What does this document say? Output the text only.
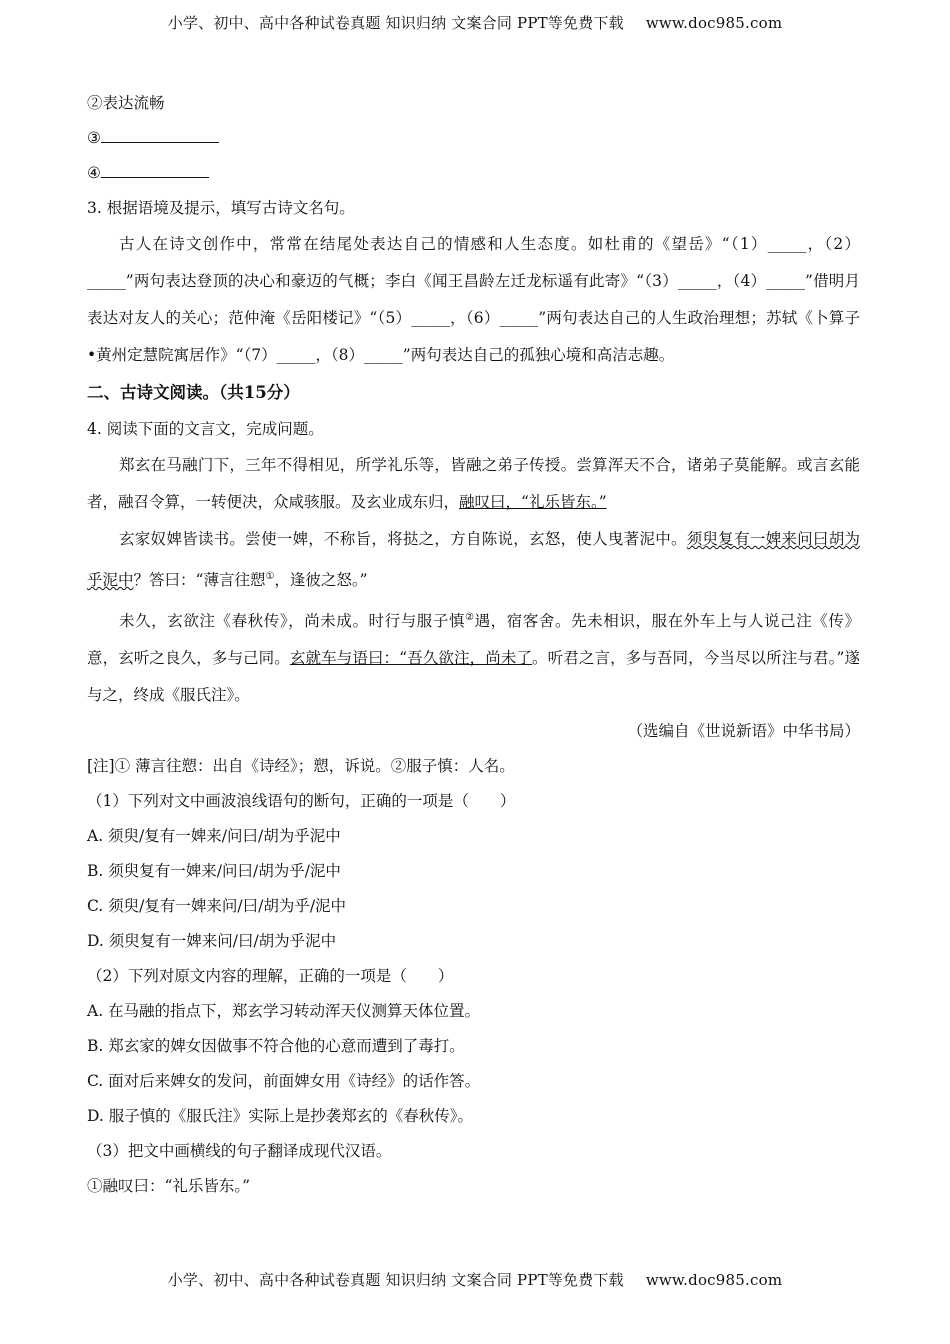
小学、初中、高中各种试卷真题 知识归纳 文案合同 PPT等免费下载 www.doc985.com
②表达流畅
③
④
3. 根据语境及提示，填写古诗文名句。

古人在诗文创作中，常常在结尾处表达自己的情感和人生态度。如杜甫的《望岳》“（1）_____，（2）_____”两句表达登顶的决心和豪迈的气概；李白《闻王昌龄左迁龙标遥有此寄》“（3）_____，（4）_____”借明月表达对友人的关心；范仲淹《岳阳楼记》“（5）_____，（6）_____”两句表达自己的人生政治理想；苏轼《卜算子•黄州定慧院寓居作》“（7）_____，（8）_____”两句表达自己的孤独心境和高洁志趣。

二、古诗文阅读。（共15分）
4. 阅读下面的文言文，完成问题。

郑玄在马融门下，三年不得相见，所学礼乐等，皆融之弟子传授。尝算浑天不合，诸弟子莫能解。或言玄能者，融召令算，一转便决，众咸骇服。及玄业成东归，融叹曰，“礼乐皆东。”

玄家奴婢皆读书。尝使一婢，不称旨，将挞之，方自陈说，玄怒，使人曳著泥中。须臾复有一婢来问曰胡为乎泥中？答曰：“薄言往愬①，逢彼之怒。”

未久，玄欲注《春秋传》，尚未成。时行与服子慎②遇，宿客舍。先未相识，服在外车上与人说己注《传》意，玄听之良久，多与己同。玄就车与语曰：“吾久欲注，尚未了。听君之言，多与吾同，今当尽以所注与君。”遂与之，终成《服氏注》。

（选编自《世说新语》中华书局）
[注]① 薄言往愬：出自《诗经》；愬，诉说。②服子慎：人名。
（1）下列对文中画波浪线语句的断句，正确的一项是（　　）
A. 须臾/复有一婢来/问曰/胡为乎泥中
B. 须臾复有一婢来/问曰/胡为乎/泥中
C. 须臾/复有一婢来问/曰/胡为乎/泥中
D. 须臾复有一婢来问/曰/胡为乎泥中
（2）下列对原文内容的理解，正确的一项是（　　）
A. 在马融的指点下，郑玄学习转动浑天仪测算天体位置。
B. 郑玄家的婢女因做事不符合他的心意而遭到了毒打。
C. 面对后来婢女的发问，前面婢女用《诗经》的话作答。
D. 服子慎的《服氏注》实际上是抄袭郑玄的《春秋传》。
（3）把文中画横线的句子翻译成现代汉语。
①融叹曰：“礼乐皆东。”
小学、初中、高中各种试卷真题 知识归纳 文案合同 PPT等免费下载 www.doc985.com
